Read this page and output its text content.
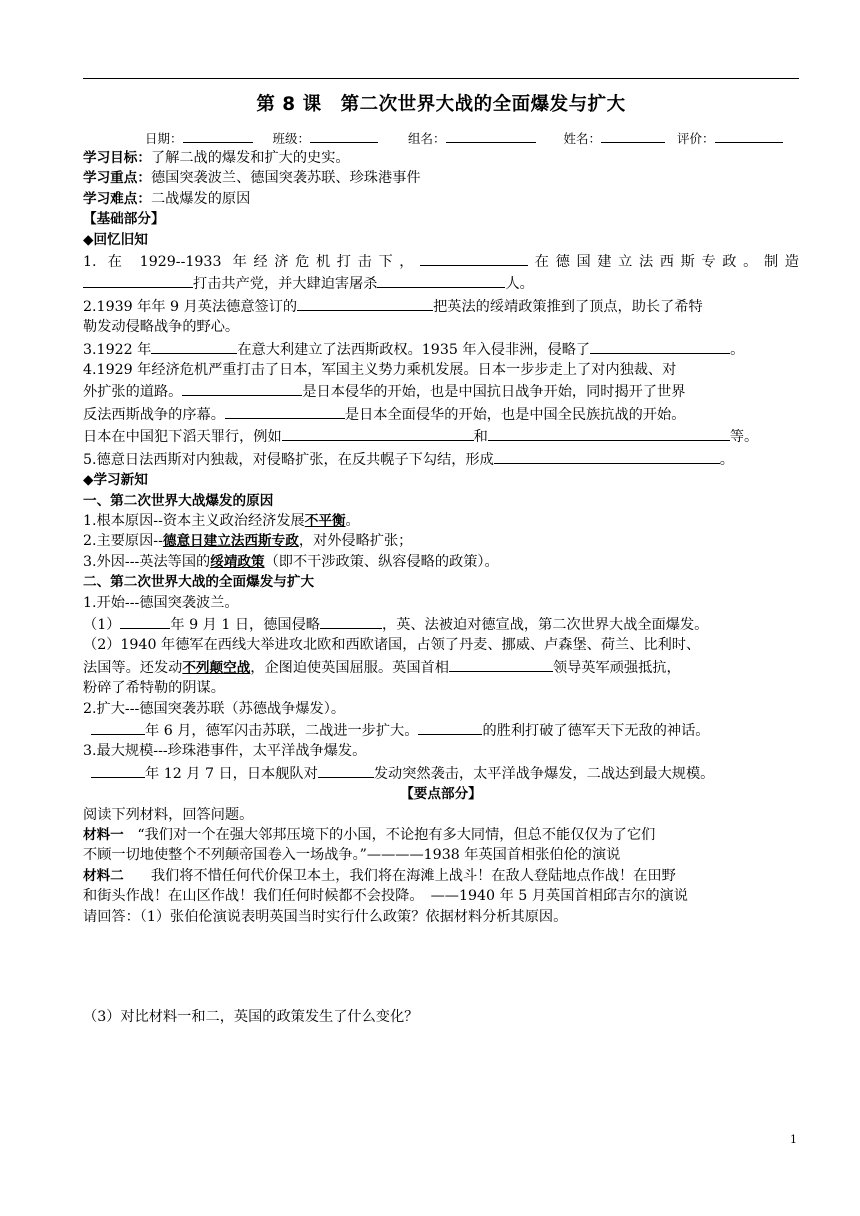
第 8 课　第二次世界大战的全面爆发与扩大
日期：	班级：	组名：	姓名：	评价：

学习目标：了解二战的爆发和扩大的史实。

学习重点：德国突袭波兰、德国突袭苏联、珍珠港事件

学习难点：二战爆发的原因

【基础部分】

◆回忆旧知

1. 在 1929--1933 年经济危机打击下，	在德国建立法西斯专政。制造

打击共产党，并大肆迫害屠杀	人。

2.1939 年年 9 月英法德意签订的	把英法的绥靖政策推到了顶点，助长了希特

勒发动侵略战争的野心。

3.1922 年	在意大利建立了法西斯政权。1935 年入侵非洲，侵略了	。

4.1929 年经济危机严重打击了日本，军国主义势力乘机发展。日本一步步走上了对内独裁、对

外扩张的道路。	是日本侵华的开始，也是中国抗日战争开始，同时揭开了世界

反法西斯战争的序幕。	是日本全面侵华的开始，也是中国全民族抗战的开始。

日本在中国犯下滔天罪行，例如	和	等。

5.德意日法西斯对内独裁，对侵略扩张，在反共幌子下勾结，形成	。

◆学习新知

一、第二次世界大战爆发的原因

1.根本原因--资本主义政治经济发展不平衡。

2.主要原因--德意日建立法西斯专政，对外侵略扩张；

3.外因---英法等国的绥靖政策（即不干涉政策、纵容侵略的政策）。

二、第二次世界大战的全面爆发与扩大

1.开始---德国突袭波兰。

（1）	年 9 月 1 日，德国侵略	，英、法被迫对德宣战，第二次世界大战全面爆发。

（2）1940 年德军在西线大举进攻北欧和西欧诸国，占领了丹麦、挪威、卢森堡、荷兰、比利时、

法国等。还发动不列颠空战，企图迫使英国屈服。英国首相	领导英军顽强抵抗，

粉碎了希特勒的阴谋。

2.扩大---德国突袭苏联（苏德战争爆发）。

年 6 月，德军闪击苏联，二战进一步扩大。	的胜利打破了德军天下无敌的神话。

3.最大规模---珍珠港事件，太平洋战争爆发。

年 12 月 7 日，日本舰队对	发动突然袭击，太平洋战争爆发，二战达到最大规模。

【要点部分】

阅读下列材料，回答问题。

材料一 “我们对一个在强大邻邦压境下的小国，不论抱有多大同情，但总不能仅仅为了它们

不顾一切地使整个不列颠帝国卷入一场战争。”————1938 年英国首相张伯伦的演说

材料二 我们将不惜任何代价保卫本土，我们将在海滩上战斗！在敌人登陆地点作战！在田野

和街头作战！在山区作战！我们任何时候都不会投降。　——1940 年 5 月英国首相邱吉尔的演说

请回答：（1）张伯伦演说表明英国当时实行什么政策？依据材料分析其原因。

（3）对比材料一和二，英国的政策发生了什么变化？

1
